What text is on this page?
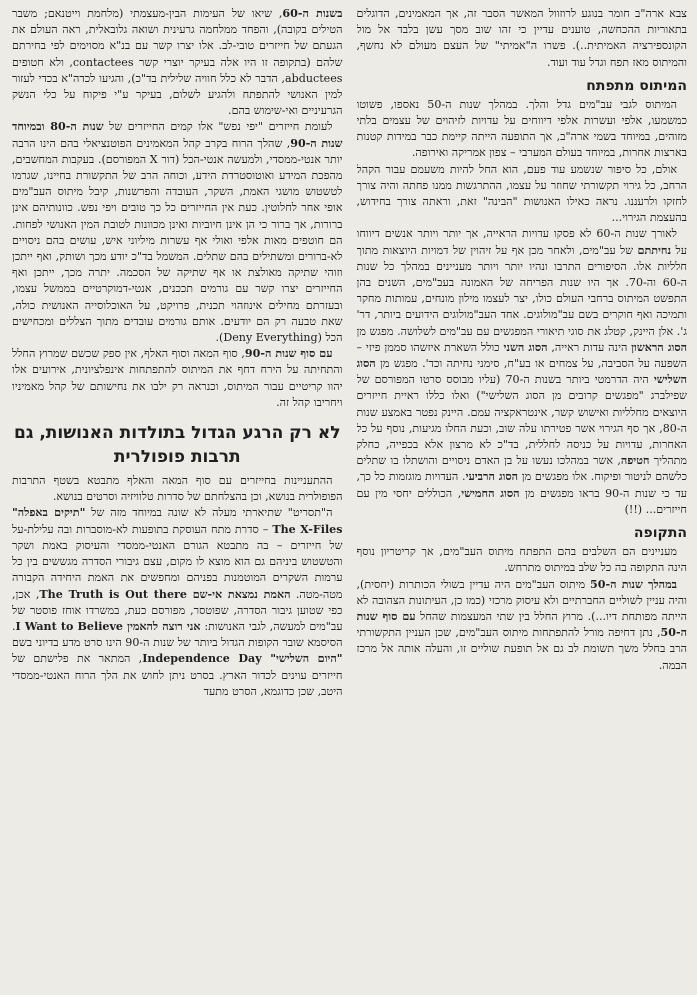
צבא ארה"ב חומר בנוגע לרוזוול המאשר הסבר זה, אך המאמינים, הדוגלים בתאוריות ההכחשה, טוענים עדיין כי זהו שוב מסך עשן בלבד אל מול הקונספירציה האמיתית..). פשרו ה"אמיתי" של העצם מעולם לא נחשף, והמיתוס מאז תפח וגדל עוד ועוד.

המיתוס מתפתח

המיתוס לגבי עב"מים גדל והלך. במהלך שנות ה-50 נאספו, פשוטו כמשמעו, אלפי ועשרות אלפי דיווחים על עדויות לזיהוים של עצמים בלתי מזוהים, במיוחד בשמי ארה"ב, אך התופעה הייתה קיימת כבר במידות קטנות בארצות אחרות, במיוחד בעולם המערבי – צפון אמריקה ואירופה.

אולם, כל סיפור שנשמע עוד פעם, הוא החל להיות משעמם עבור הקהל הרחב, כל גירוי תקשורתי שחוזר על עצמו, ההתרגשות ממנו פחתה והיה צורך לחזקו ולרעננו. נראה כאילו האנושות "הבינה" זאת, וראתה צורך בחידוש, בהעצמת הגירוי...

לאורך שנות ה-60 לא פסקו עדויות הראייה, אך יותר ויותר אנשים דיווחו על נחיתתם של עב"מים, ולאחר מכן אף על זיהוין של דמויות היוצאות מתוך חלליות אלו. הסיפורים התרבו ונהיו יותר ויותר מעניינים במהלך כל שנות ה-60 וה-70. אך היו שנות הפריחה של האמונה בעב"מים, השנים בהן התפשט המיתוס ברחבי העולם כולו, יצר לעצמו מילון מונחים, עמותות מחקר ותמיכה ואף חוקרים בשם עב"מולוגים. אחד העב"מולוגים הידועים ביותר, דר' ג'. אלן היינק, קטלג את סוגי תיאורי המפגשים עם עב"מים לשלושה. מפגש מן הסוג הראשון הינה עדות ראייה, הסוג השני כולל השארת איזשהו סממן פיזי – השפעה על הסביבה, על צמחים או בע"ח, סימני נחיתה וכד'. מפגש מן הסוג השלישי היה הדרמטי ביותר בשנות ה-70 (עליו מבוסס סרטו המפורסם של שפילברג "מפגשים קרובים מן הסוג השלישי") ואלו כללו ראיית חייזרים היוצאים מחלליות ואישוש קשר, אינטראקציה עמם. היינק נפטר באמצע שנות ה-80, אך סף הגירוי אשר פטירתו עלה שוב, וכעת החלו מגיעות, נוסף על כל האחרות, עדויות על כניסה לחללית, בד"כ לא מרצון אלא בכפייה, כחלק מתהליך חטיפה, אשר במהלכו נעשו על בן האדם ניסויים והושתלו בו שתלים כלשהם לניטור ופיקוח. אלו מפגשים מן הסוג הרביעי. העדויות מוגזמות כל כך, עד כי שנות ה-90 בראו מפגשים מן הסוג החמישי, הכוללים יחסי מין עם חייזרים... (!!)

התקופה

מעניינים הם השלבים בהם התפתח מיתוס העב"מים, אך קריטריון נוסף הינה התקופה בה כל שלב במיתוס מתרחש.

במהלך שנות ה-50 מיתוס העב"מים היה עדיין בשולי הכותרות (יחסית), והיה עניין לשוליים החברתיים ולא עיסוק מרכזי (כמו כן, העיתונות הצהובה לא הייתה מפותחת דיו...). מרוץ החלל בין שתי המעצמות שהחל עם סוף שנות ה-50, נתן דחיפה מורל להתפתחות מיתוס העב"מים, שכן העניין התקשורתי הרב בחלל משך תשומת לב גם אל תופעת שוליים זו, והעלה אותה אל מרכז הבמה.

בשנות ה-60, שיאו של העימות הבין-מעצמתי (מלחמת וייטנאם; משבר הטילים בקובה), והפחד ממלחמה גרעינית ושואה גלובאלית, ראה העולם את הגעתם של חייזרים טובי-לב. אלו יצרו קשר עם בנ"א מסוימים לפי בחירתם שלהם (בתקופה זו היו אלה בעיקר יוצרי קשר contactees, ולא חטופים abductees, הדבר לא כלל חוויה שלילית בד"כ), והגיעו לכדה"א בכדי לעזור למין האנושי להתפתח ולהגיע לשלום, בעיקר ע"י פיקוח על כלי הנשק הגרעיניים ואי-שימוש בהם.

לעומת חייזרים "יפי נפש" אלו קמים החייזרים של שנות ה-80 ובמיוחד שנות ה-90, שהלך הרוח בקרב קהל המאמינים הפוטנציאלי בהם הינו הרבה יותר אנטי-ממסדי, ולמעשה אנטי-הכל (דור X המפורסם). בעקבות המחשבים, מהפכת המידע ואוטוסטרדת הידע, וכוחה הרב של התקשורת בחיינו, שגרמו לטשטוש מושגי האמת, השקר, העובדה והפרשנות, קיבל מיתוס העב"מים אופי אחר לחלוטין. כעת אין החייזרים כל כך טובים ויפי נפש. כוונותיהם אינן ברורות, אך ברור כי הן אינן חיוביות ואינן מכוונות לטובת המין האנושי לפחות. הם חוטפים מאות אלפי ואולי אף עשרות מיליוני איש, עושים בהם ניסויים לא-ברורים ומשתילים בהם שתלים. המשמל בד"כ יודע מכך ושותק, ואף ייתכן וזוהי שתיקה מאולצת או אף שתיקה של הסכמה. יתרה מכך, ייתכן ואף החייזרים יצרו קשר עם גורמים תככנים, אנטי-דמוקרטיים בממשל עצמו, ובעזרתם מחילים אינוזהוי תכנית, פרויקט, על האוכלוסייה האנושית כולה, שאת טבעה רק הם יודעים. אותם גורמים עובדים מתוך הצללים ומכחישים הכל (Deny Everything).

עם סוף שנות ה-90, סוף המאה וסוף האלף, אין ספק שכשם שמרוץ החלל והתחיתה על הירח דחף את המיתוס להתפתחות אינפלציונית, אירועים אלו יהוו קריטיים עבור המיתוס, וכנראה רק ילבו את נחישותם של קהל מאמיניו ויחריבו קהל זה.

לא רק הרגע הגדול בתולדות האנושות, גם תרבות פופולרית

ההתעניינות בחייזרים עם סוף המאה והאלף מתבטא בשטף התרבות הפופולרית בנושא, וכן בהצלחתם של סדרות טלוויזיה וסרטים בנושא.

ה"תסריט" שתיארתי מעלה לא שונה במיוחד מזה של "תיקים באפלה" The X-Files – סדרת מתח העוסקת בתופעות לא-מוסברות ובה עלילת-על של חייזרים – בה מתבטא הגורם האנטי-ממסדי והעיסוק באמת ושקר והטשטוש ביניהם גם הוא מוצא לו מקום, עצם גיבורי הסדרה מגששים בין כל ערמות השקרים המוטמנות בפניהם ומחפשים את האמת היחידה הקבורה מטה-מטה. האמת נמצאת אי-שם The Truth is Out there, אכן, כפי שטוען גיבור הסדרה, שפוטסר, מפורסם כעת, במשרדו אוחז פוסטר של עב"מים למעשה, לגבי האנושות: אני רוצה להאמין I Want to Believe. הסיסמא שובר הקופות הגדול ביותר של שנות ה-90 הינו סרט מדע בדיוני בשם "היום השלישי" Independence Day, המתאר את פלישתם של חייזרים עוינים לכדור הארץ. בסרט ניתן לחוש את הלך הרוח האנטי-ממסדי היטב, שכן כדוגמא, הסרט מתעד
